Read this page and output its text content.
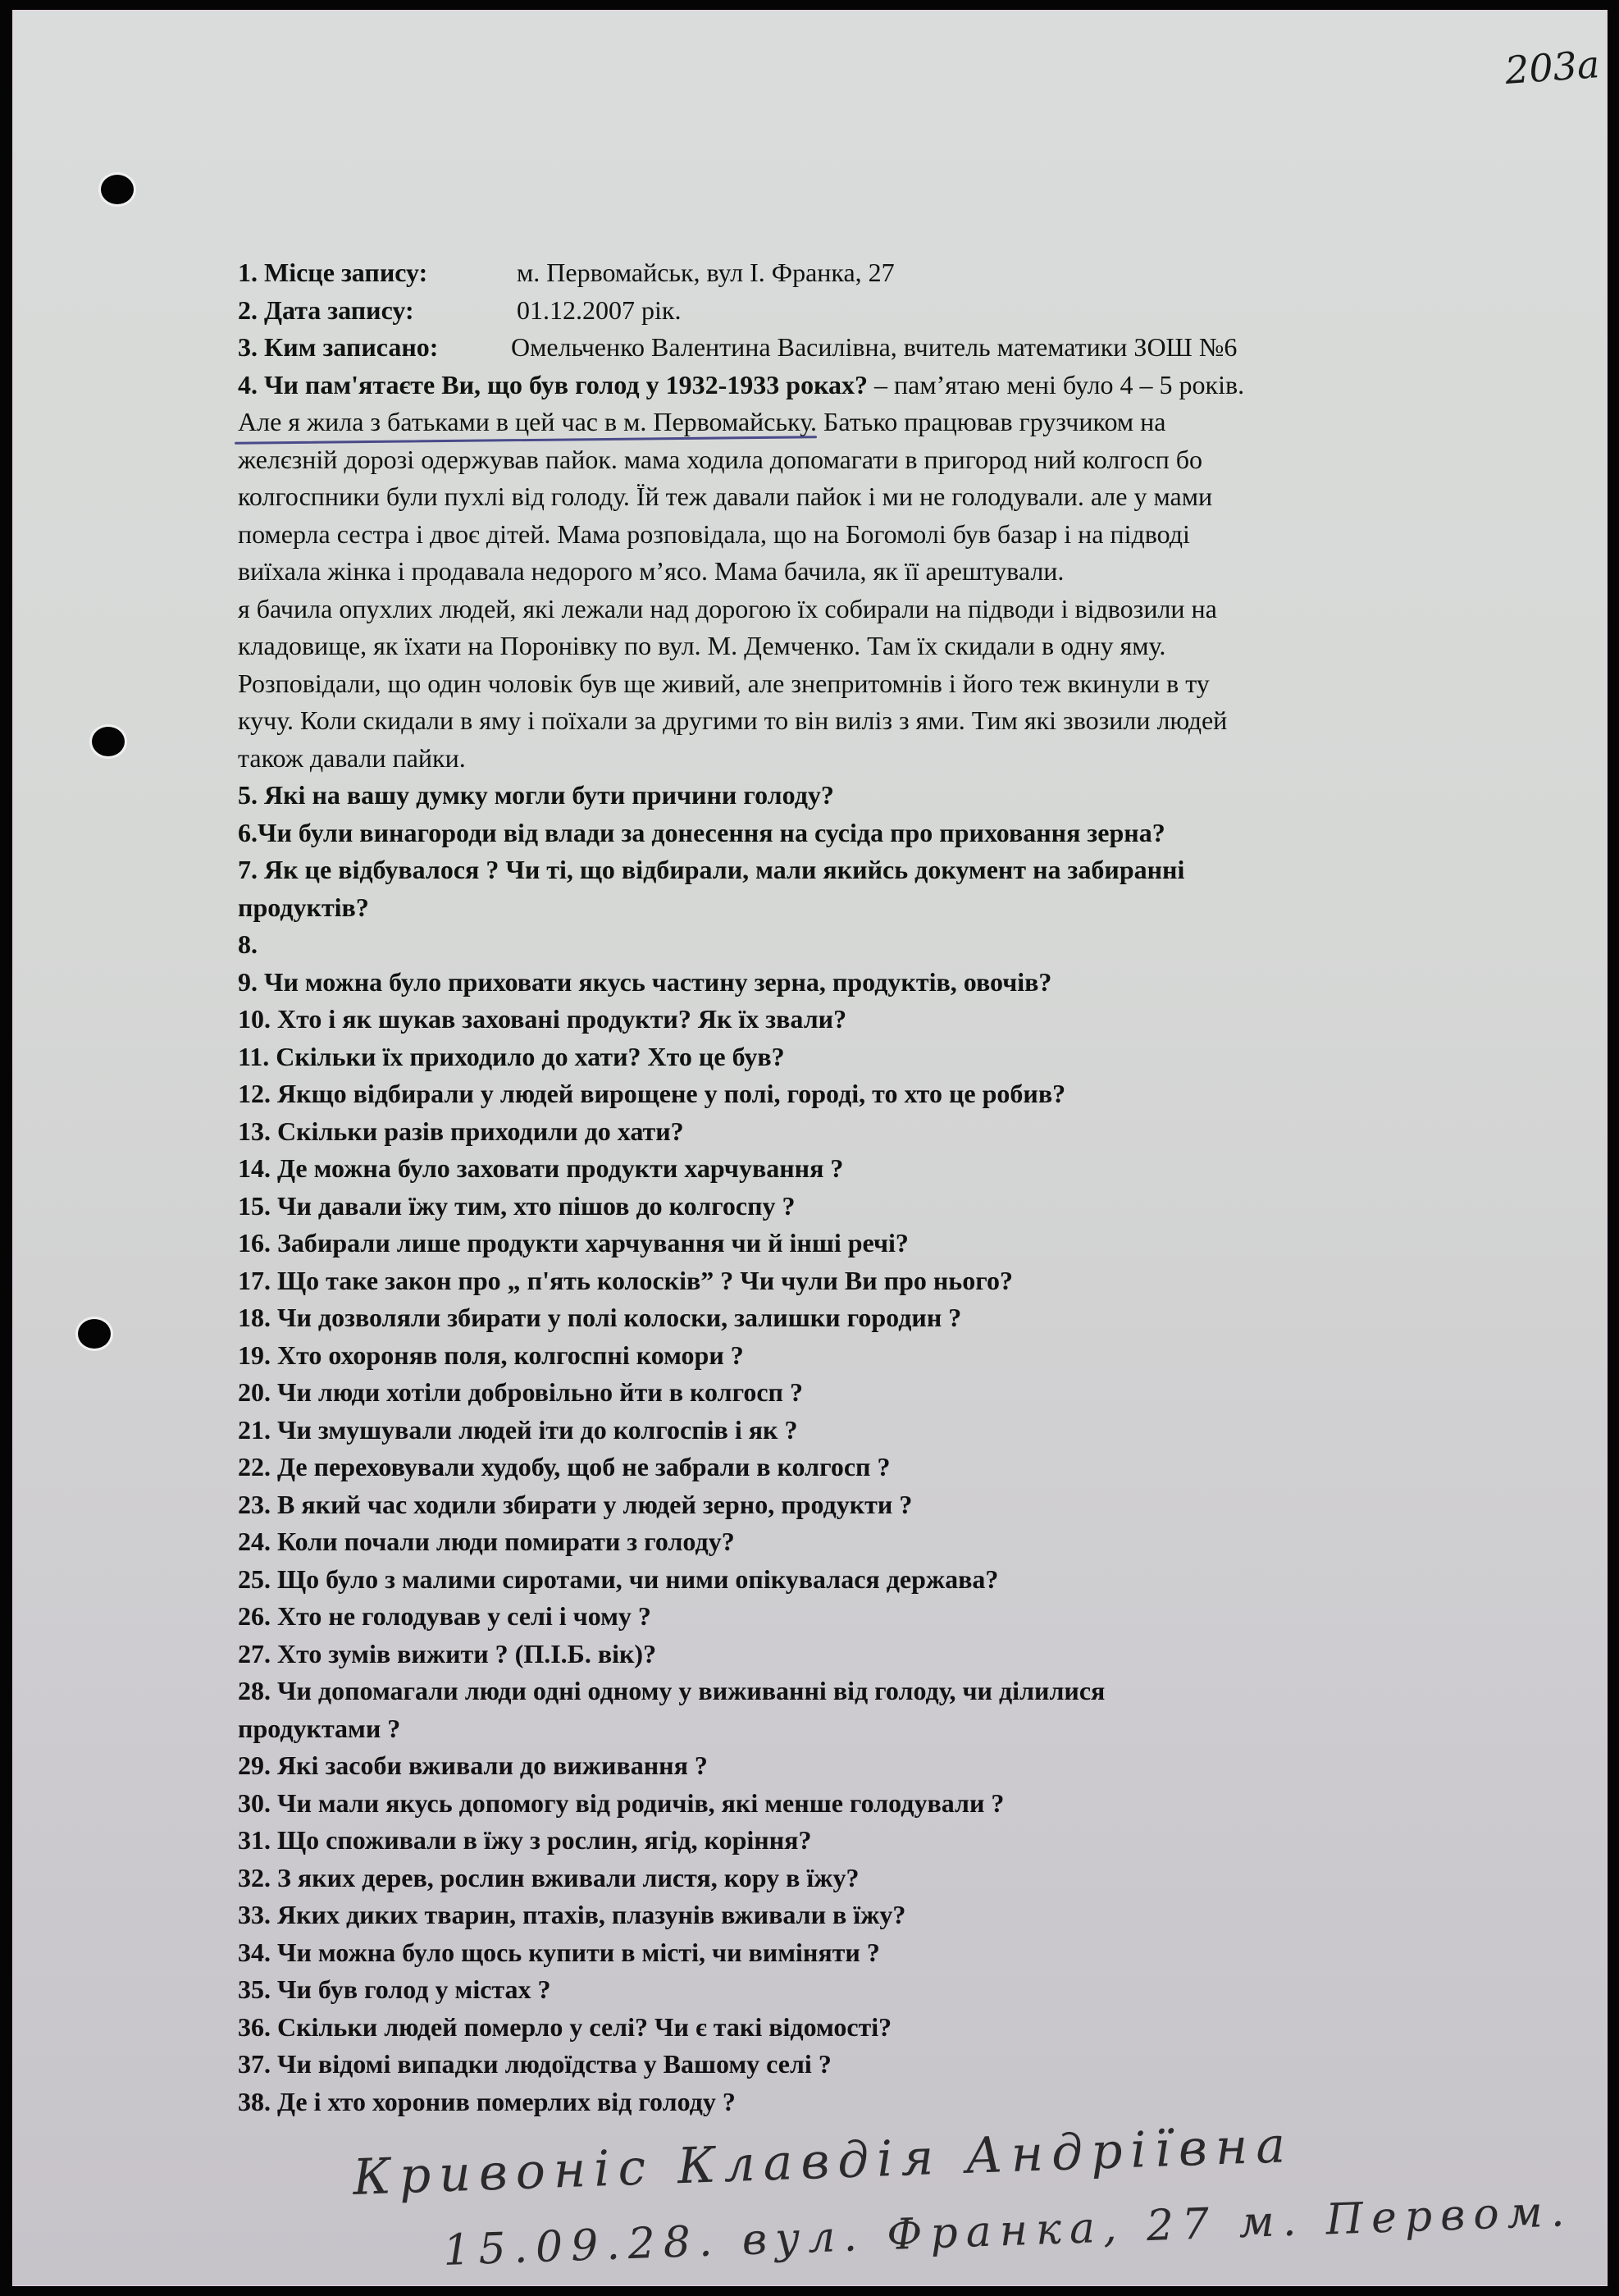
203а
1. Місце запису:	м. Первомайськ, вул І. Франка, 27
2. Дата запису:	01.12.2007 рік.
3. Ким записано:	Омельченко Валентина Василівна, вчитель математики ЗОШ №6
4. Чи пам'ятаєте Ви, що був голод у 1932-1933 роках? – пам’ятаю мені було 4 – 5 років.
Але я жила з батьками в цей час в м. Первомайську. Батько працював грузчиком на
желєзній дорозі одержував пайок. мама ходила допомагати в пригород ний колгосп бо
колгоспники були пухлі від голоду. Їй теж давали пайок і ми не голодували. але у мами
померла сестра і двоє дітей. Мама розповідала, що на Богомолі був базар і на підводі
виїхала жінка і продавала недорого м’ясо. Мама бачила, як її арештували.
я бачила опухлих людей, які лежали над дорогою їх собирали на підводи і відвозили на
кладовище, як їхати на Поронівку по вул. М. Демченко. Там їх скидали в одну яму.
Розповідали, що один чоловік був ще живий, але знепритомнів і його теж вкинули в ту
кучу. Коли скидали в яму і поїхали за другими то він виліз з ями. Тим які звозили людей
також давали пайки.
5. Які на вашу думку могли бути причини голоду?
6.Чи були винагороди від влади за донесення на сусіда про приховання зерна?
7. Як це відбувалося ? Чи ті, що відбирали, мали якийсь документ на забиранні
продуктів?
8.
9. Чи можна було приховати якусь частину зерна, продуктів, овочів?
10. Хто і як шукав заховані продукти? Як їх звали?
11. Скільки їх приходило до хати? Хто це був?
12. Якщо відбирали у людей вирощене у полі, городі, то хто це робив?
13. Скільки разів приходили до хати?
14. Де можна було заховати продукти харчування ?
15. Чи давали їжу тим, хто пішов до колгоспу ?
16. Забирали лише продукти харчування чи й інші речі?
17. Що таке закон про „ п'ять колосків” ? Чи чули Ви про нього?
18. Чи дозволяли збирати у полі колоски, залишки городин ?
19. Хто охороняв поля, колгоспні комори ?
20. Чи люди хотіли добровільно йти в колгосп ?
21. Чи змушували людей іти до колгоспів і як ?
22. Де переховували худобу, щоб не забрали в колгосп ?
23. В який час ходили збирати у людей зерно, продукти ?
24. Коли почали люди помирати з голоду?
25. Що було з малими сиротами, чи ними опікувалася держава?
26. Хто не голодував у селі і чому ?
27. Хто зумів вижити ? (П.І.Б. вік)?
28. Чи допомагали люди одні одному у виживанні від голоду, чи ділилися
продуктами ?
29. Які засоби вживали до виживання ?
30. Чи мали якусь допомогу від родичів, які менше голодували ?
31. Що споживали в їжу з рослин, ягід, коріння?
32. З яких дерев, рослин вживали листя, кору в їжу?
33. Яких диких тварин, птахів, плазунів вживали в їжу?
34. Чи можна було щось купити в місті, чи виміняти ?
35. Чи був голод у містах ?
36. Скільки людей померло у селі? Чи є такі відомості?
37. Чи відомі випадки людоїдства у Вашому селі ?
38. Де і хто хоронив померлих від голоду ?
Кривоніс Клавдія Андріївна
15.09.28. вул. Франка, 27 м. Первом.
